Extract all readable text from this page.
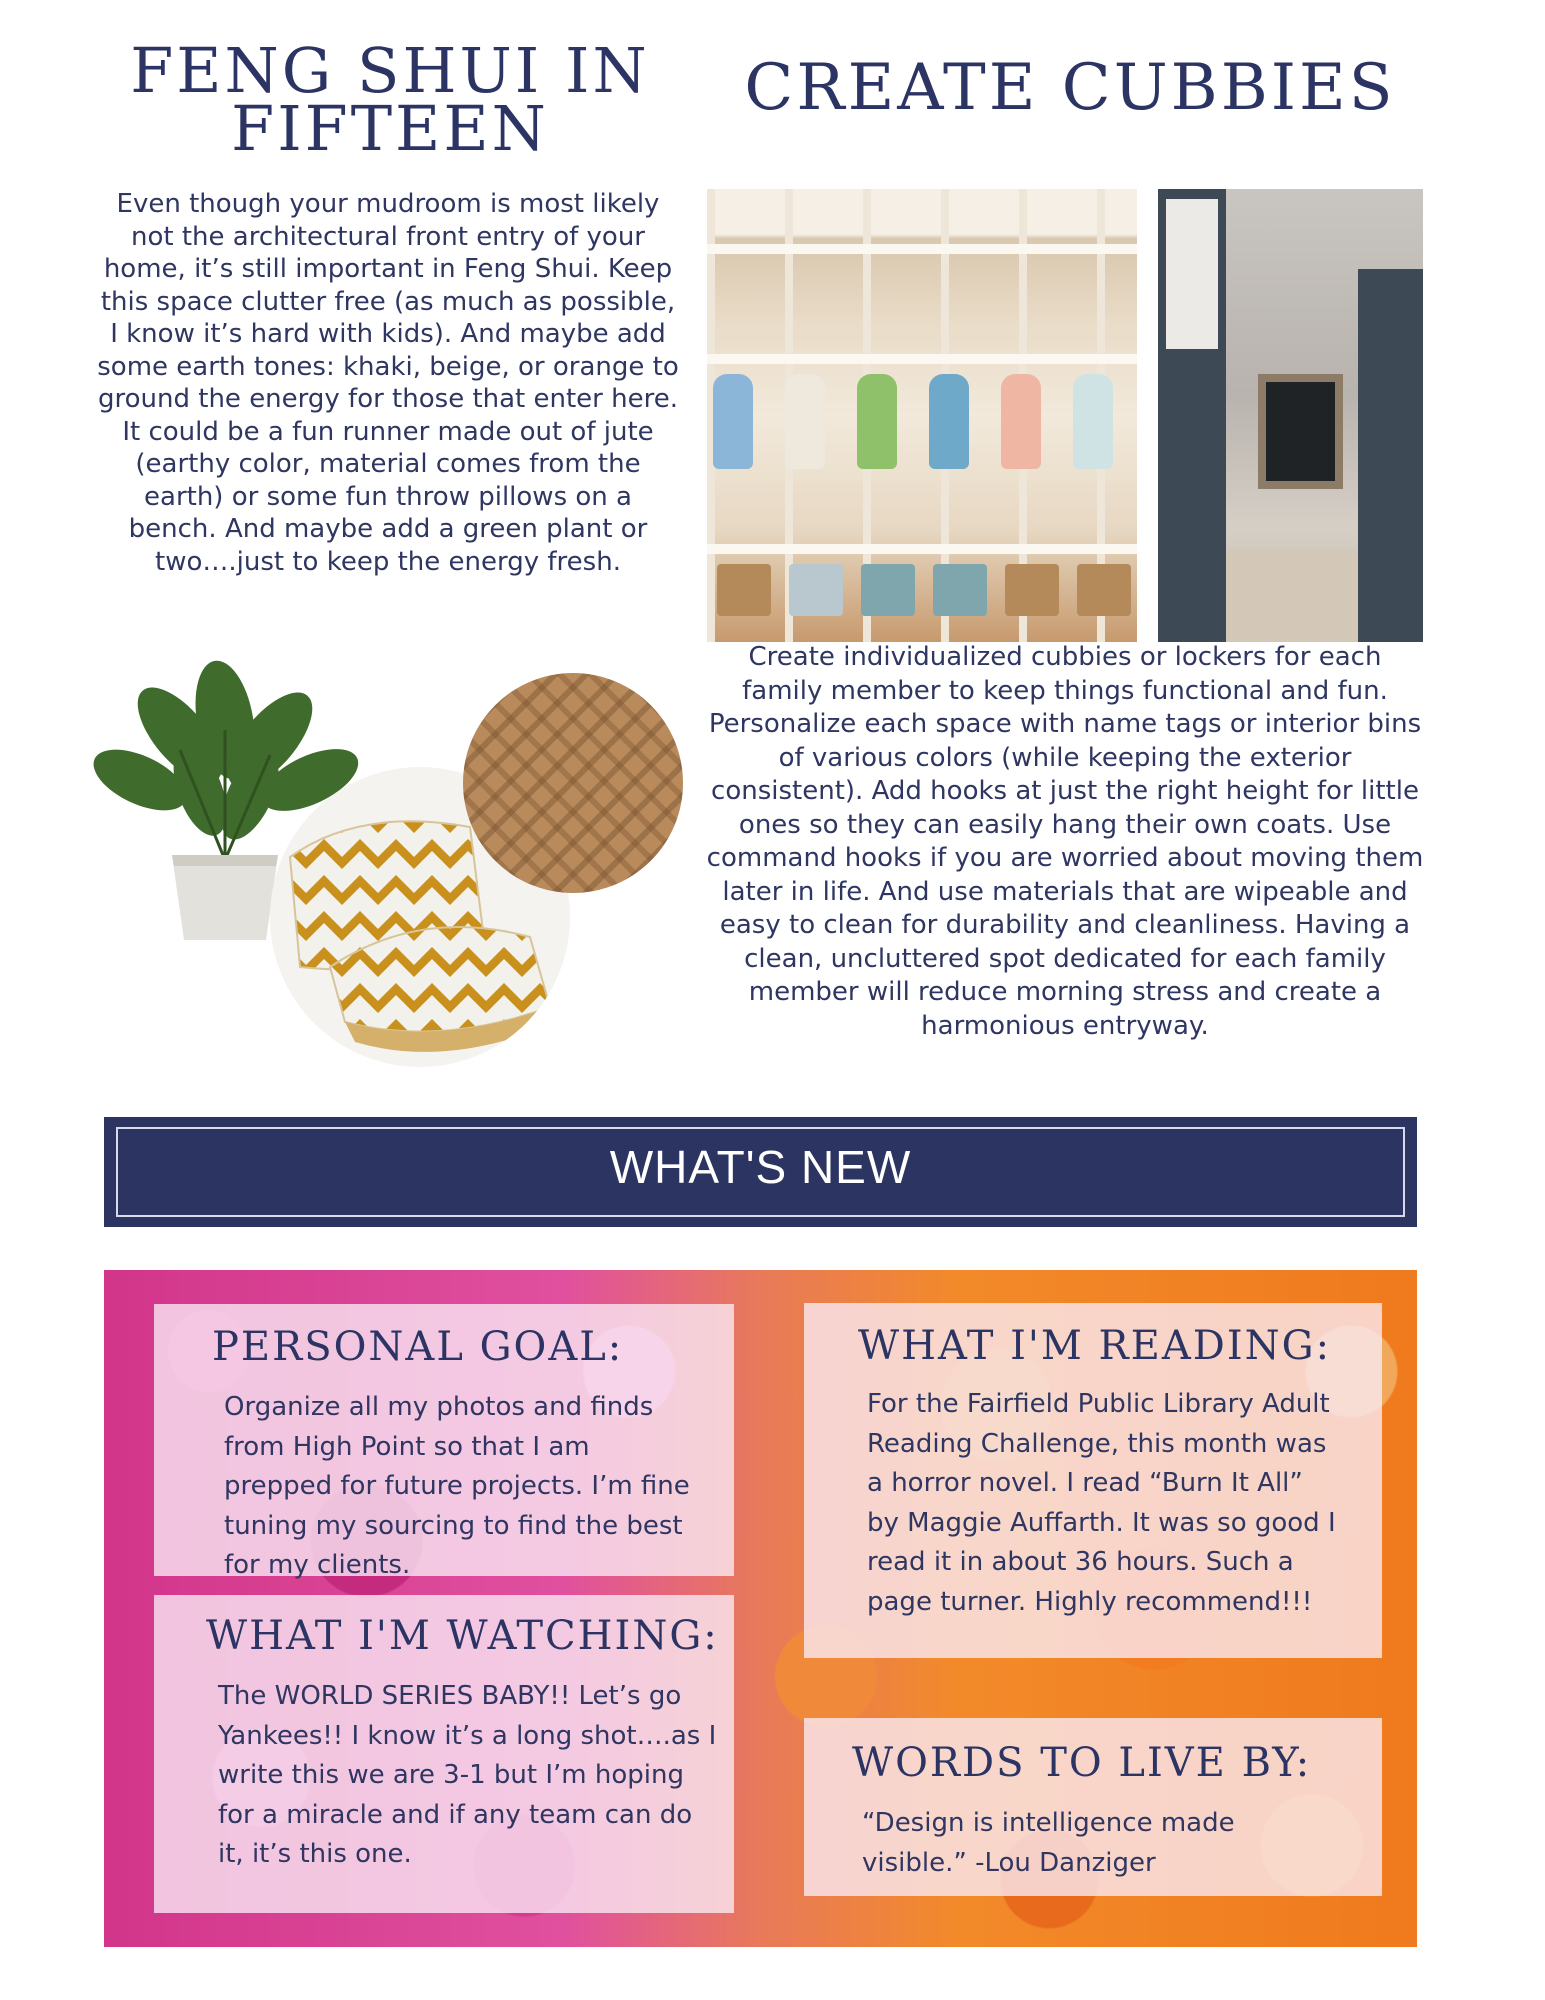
FENG SHUI IN
FIFTEEN

Even though your mudroom is most likely not the architectural front entry of your home, it’s still important in Feng Shui. Keep this space clutter free (as much as possible, I know it’s hard with kids). And maybe add some earth tones: khaki, beige, or orange to ground the energy for those that enter here. It could be a fun runner made out of jute (earthy color, material comes from the earth) or some fun throw pillows on a bench. And maybe add a green plant or two….just to keep the energy fresh.

CREATE CUBBIES

Create individualized cubbies or lockers for each family member to keep things functional and fun. Personalize each space with name tags or interior bins of various colors (while keeping the exterior consistent). Add hooks at just the right height for little ones so they can easily hang their own coats. Use command hooks if you are worried about moving them later in life. And use materials that are wipeable and easy to clean for durability and cleanliness. Having a clean, uncluttered spot dedicated for each family member will reduce morning stress and create a harmonious entryway.

WHAT'S NEW
PERSONAL GOAL:

Organize all my photos and finds from High Point so that I am prepped for future projects. I’m fine tuning my sourcing to find the best for my clients.

WHAT I'M WATCHING:

The WORLD SERIES BABY!! Let’s go Yankees!! I know it’s a long shot….as I write this we are 3-1 but I’m hoping for a miracle and if any team can do it, it’s this one.

WHAT I'M READING:

For the Fairfield Public Library Adult Reading Challenge, this month was a horror novel. I read “Burn It All” by Maggie Auffarth. It was so good I read it in about 36 hours. Such a page turner. Highly recommend!!!

WORDS TO LIVE BY:

“Design is intelligence made visible.” -Lou Danziger
